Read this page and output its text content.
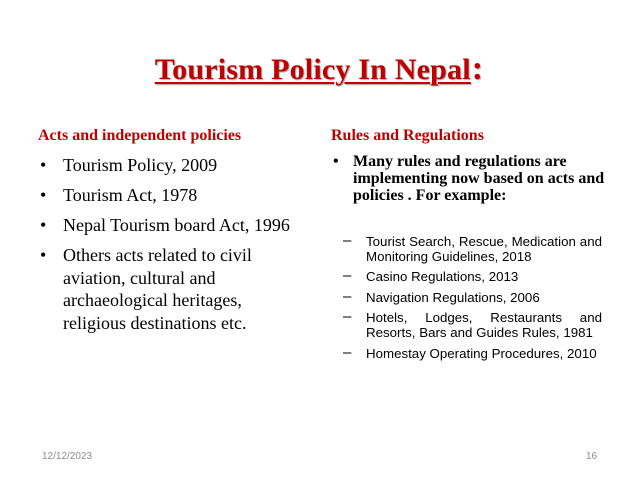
Tourism Policy In Nepal:
Acts and independent policies	Rules and Regulations
• Tourism Policy, 2009
• Tourism Act, 1978
• Nepal Tourism board Act, 1996
• Others acts related to civil aviation, cultural and archaeological heritages, religious destinations etc.
• Many rules and regulations are implementing now based on acts and policies . For example:
– Tourist Search, Rescue, Medication and Monitoring Guidelines, 2018
– Casino Regulations, 2013
– Navigation Regulations, 2006
– Hotels, Lodges, Restaurants and Resorts, Bars and Guides Rules, 1981
– Homestay Operating Procedures, 2010
12/12/2023	16
